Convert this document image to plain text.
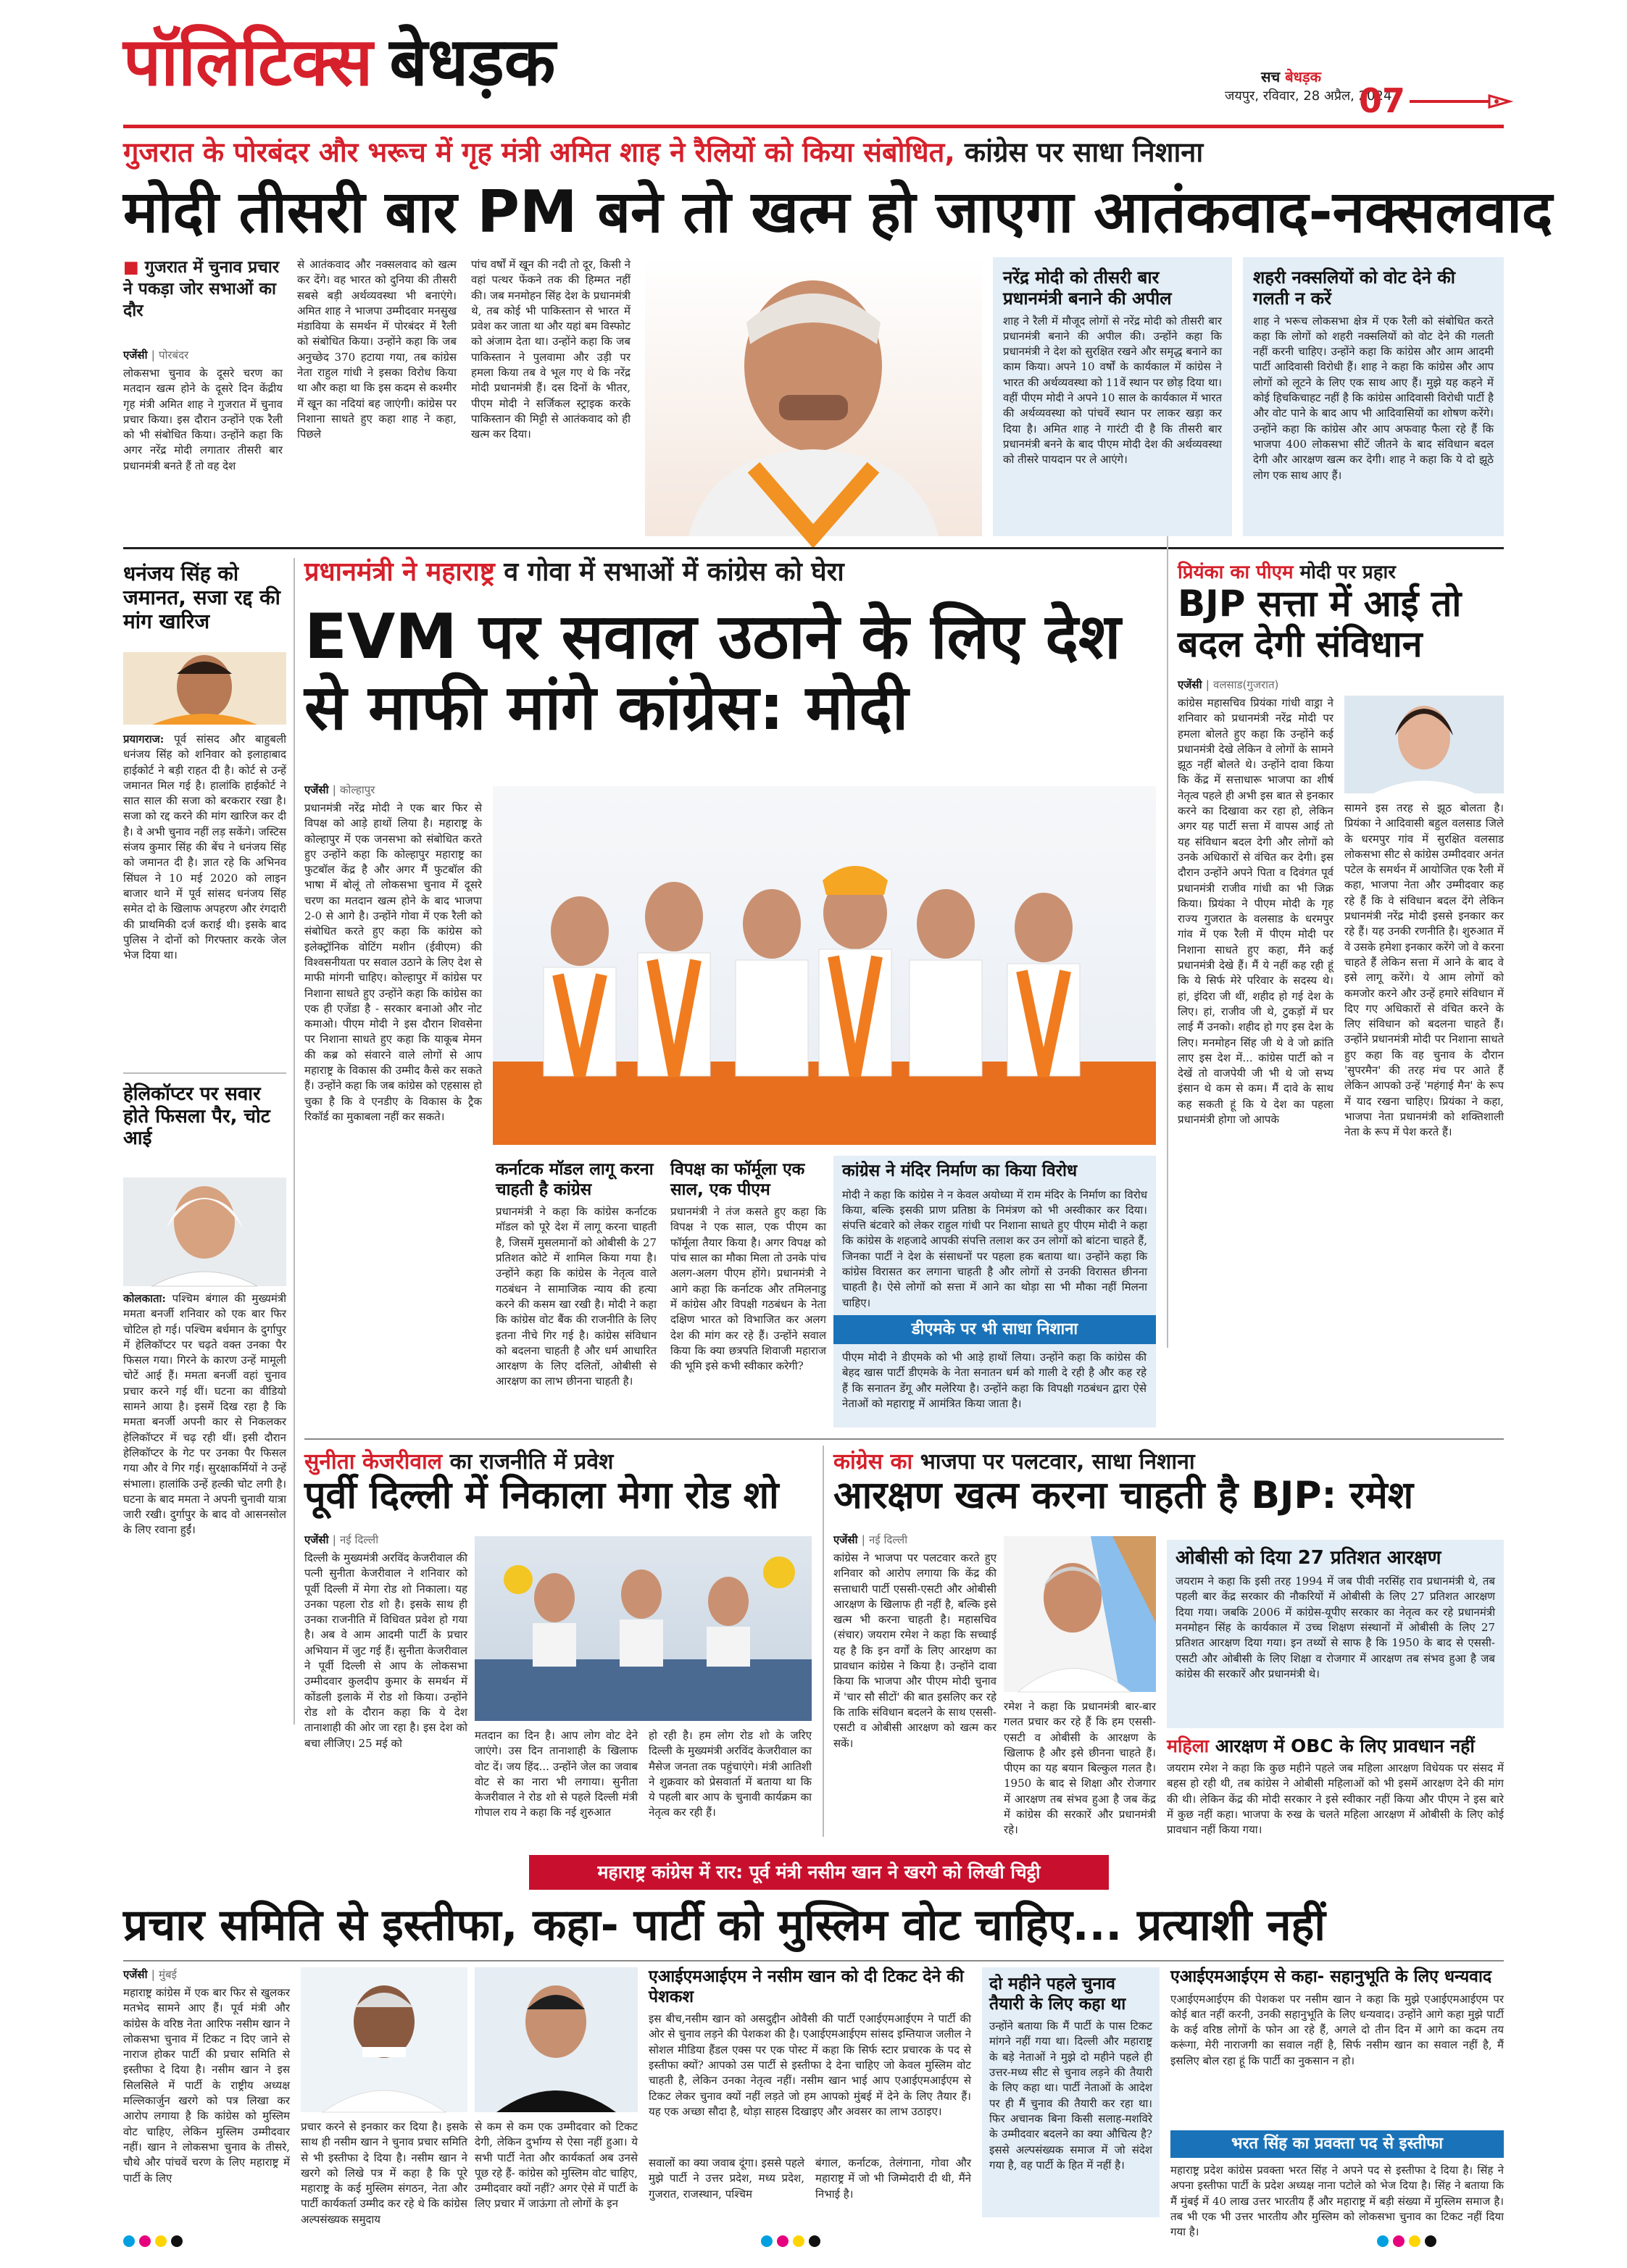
पॉलिटिक्स बेधड़क	सच बेधड़क
जयपुर, रविवार, 28 अप्रैल, 2024
07
गुजरात के पोरबंदर और भरूच में गृह मंत्री अमित शाह ने रैलियों को किया संबोधित, कांग्रेस पर साधा निशाना
मोदी तीसरी बार PM बने तो खत्म हो जाएगा आतंकवाद-नक्सलवाद
■ गुजरात में चुनाव प्रचार ने पकड़ा जोर सभाओं का दौर
एजेंसी | पोरबंदर
लोकसभा चुनाव के दूसरे चरण का मतदान खत्म होने के दूसरे दिन केंद्रीय गृह मंत्री अमित शाह ने गुजरात में चुनाव प्रचार किया। इस दौरान उन्होंने एक रैली को भी संबोधित किया। उन्होंने कहा कि अगर नरेंद्र मोदी लगातार तीसरी बार प्रधानमंत्री बनते हैं तो वह देश
से आतंकवाद और नक्सलवाद को खत्म कर देंगे। वह भारत को दुनिया की तीसरी सबसे बड़ी अर्थव्यवस्था भी बनाएंगे। अमित शाह ने भाजपा उम्मीदवार मनसुख मंडाविया के समर्थन में पोरबंदर में रैली को संबोधित किया। उन्होंने कहा कि जब अनुच्छेद 370 हटाया गया, तब कांग्रेस नेता राहुल गांधी ने इसका विरोध किया था और कहा था कि इस कदम से कश्मीर में खून का नदियां बह जाएंगी। कांग्रेस पर निशाना साधते हुए कहा शाह ने कहा, पिछले
पांच वर्षों में खून की नदी तो दूर, किसी ने वहां पत्थर फेंकने तक की हिम्मत नहीं की। जब मनमोहन सिंह देश के प्रधानमंत्री थे, तब कोई भी पाकिस्तान से भारत में प्रवेश कर जाता था और यहां बम विस्फोट को अंजाम देता था। उन्होंने कहा कि जब पाकिस्तान ने पुलवामा और उड़ी पर हमला किया तब वे भूल गए थे कि नरेंद्र मोदी प्रधानमंत्री हैं। दस दिनों के भीतर, पीएम मोदी ने सर्जिकल स्ट्राइक करके पाकिस्तान की मिट्टी से आतंकवाद को ही खत्म कर दिया।
नरेंद्र मोदी को तीसरी बार प्रधानमंत्री बनाने की अपील
शाह ने रैली में मौजूद लोगों से नरेंद्र मोदी को तीसरी बार प्रधानमंत्री बनाने की अपील की। उन्होंने कहा कि प्रधानमंत्री ने देश को सुरक्षित रखने और समृद्ध बनाने का काम किया। अपने 10 वर्षों के कार्यकाल में कांग्रेस ने भारत की अर्थव्यवस्था को 11वें स्थान पर छोड़ दिया था। वहीं पीएम मोदी ने अपने 10 साल के कार्यकाल में भारत की अर्थव्यवस्था को पांचवें स्थान पर लाकर खड़ा कर दिया है। अमित शाह ने गारंटी दी है कि तीसरी बार प्रधानमंत्री बनने के बाद पीएम मोदी देश की अर्थव्यवस्था को तीसरे पायदान पर ले आएंगे।
शहरी नक्सलियों को वोट देने की गलती न करें
शाह ने भरूच लोकसभा क्षेत्र में एक रैली को संबोधित करते कहा कि लोगों को शहरी नक्सलियों को वोट देने की गलती नहीं करनी चाहिए। उन्होंने कहा कि कांग्रेस और आम आदमी पार्टी आदिवासी विरोधी हैं। शाह ने कहा कि कांग्रेस और आप लोगों को लूटने के लिए एक साथ आए हैं। मुझे यह कहने में कोई हिचकिचाहट नहीं है कि कांग्रेस आदिवासी विरोधी पार्टी है और वोट पाने के बाद आप भी आदिवासियों का शोषण करेंगे। उन्होंने कहा कि कांग्रेस और आप अफवाह फैला रहे हैं कि भाजपा 400 लोकसभा सीटें जीतने के बाद संविधान बदल देगी और आरक्षण खत्म कर देगी। शाह ने कहा कि ये दो झूठे लोग एक साथ आए हैं।
धनंजय सिंह को जमानत, सजा रद्द की मांग खारिज
प्रयागराज: पूर्व सांसद और बाहुबली धनंजय सिंह को शनिवार को इलाहाबाद हाईकोर्ट ने बड़ी राहत दी है। कोर्ट से उन्हें जमानत मिल गई है। हालांकि हाईकोर्ट ने सात साल की सजा को बरकरार रखा है। सजा को रद्द करने की मांग खारिज कर दी है। वे अभी चुनाव नहीं लड़ सकेंगे। जस्टिस संजय कुमार सिंह की बेंच ने धनंजय सिंह को जमानत दी है। ज्ञात रहे कि अभिनव सिंघल ने 10 मई 2020 को लाइन बाजार थाने में पूर्व सांसद धनंजय सिंह समेत दो के खिलाफ अपहरण और रंगदारी की प्राथमिकी दर्ज कराई थी। इसके बाद पुलिस ने दोनों को गिरफ्तार करके जेल भेज दिया था।
हेलिकॉप्टर पर सवार होते फिसला पैर, चोट आई
कोलकाता: पश्चिम बंगाल की मुख्यमंत्री ममता बनर्जी शनिवार को एक बार फिर चोटिल हो गई। पश्चिम बर्धमान के दुर्गापुर में हेलिकॉप्टर पर चढ़ते वक्त उनका पैर फिसल गया। गिरने के कारण उन्हें मामूली चोटें आई हैं। ममता बनर्जी वहां चुनाव प्रचार करने गई थीं। घटना का वीडियो सामने आया है। इसमें दिख रहा है कि ममता बनर्जी अपनी कार से निकलकर हेलिकॉप्टर में चढ़ रही थीं। इसी दौरान हेलिकॉप्टर के गेट पर उनका पैर फिसल गया और वे गिर गई। सुरक्षाकर्मियों ने उन्हें संभाला। हालांकि उन्हें हल्की चोट लगी है। घटना के बाद ममता ने अपनी चुनावी यात्रा जारी रखी। दुर्गापुर के बाद वो आसनसोल के लिए रवाना हुईं।
प्रधानमंत्री ने महाराष्ट्र व गोवा में सभाओं में कांग्रेस को घेरा
EVM पर सवाल उठाने के लिए देश से माफी मांगे कांग्रेस: मोदी
एजेंसी | कोल्हापुर
प्रधानमंत्री नरेंद्र मोदी ने एक बार फिर से विपक्ष को आड़े हाथों लिया है। महाराष्ट्र के कोल्हापुर में एक जनसभा को संबोधित करते हुए उन्होंने कहा कि कोल्हापुर महाराष्ट्र का फुटबॉल केंद्र है और अगर मैं फुटबॉल की भाषा में बोलूं तो लोकसभा चुनाव में दूसरे चरण का मतदान खत्म होने के बाद भाजपा 2-0 से आगे है। उन्होंने गोवा में एक रैली को संबोधित करते हुए कहा कि कांग्रेस को इलेक्ट्रॉनिक वोटिंग मशीन (ईवीएम) की विश्वसनीयता पर सवाल उठाने के लिए देश से माफी मांगनी चाहिए। कोल्हापुर में कांग्रेस पर निशाना साधते हुए उन्होंने कहा कि कांग्रेस का एक ही एजेंडा है - सरकार बनाओ और नोट कमाओ। पीएम मोदी ने इस दौरान शिवसेना पर निशाना साधते हुए कहा कि याकूब मेमन की कब्र को संवारने वाले लोगों से आप महाराष्ट्र के विकास की उम्मीद कैसे कर सकते हैं। उन्होंने कहा कि जब कांग्रेस को एहसास हो चुका है कि वे एनडीए के विकास के ट्रैक रिकॉर्ड का मुकाबला नहीं कर सकते।
कर्नाटक मॉडल लागू करना चाहती है कांग्रेस
प्रधानमंत्री ने कहा कि कांग्रेस कर्नाटक मॉडल को पूरे देश में लागू करना चाहती है, जिसमें मुसलमानों को ओबीसी के 27 प्रतिशत कोटे में शामिल किया गया है। उन्होंने कहा कि कांग्रेस के नेतृत्व वाले गठबंधन ने सामाजिक न्याय की हत्या करने की कसम खा रखी है। मोदी ने कहा कि कांग्रेस वोट बैंक की राजनीति के लिए इतना नीचे गिर गई है। कांग्रेस संविधान को बदलना चाहती है और धर्म आधारित आरक्षण के लिए दलितों, ओबीसी से आरक्षण का लाभ छीनना चाहती है।
विपक्ष का फॉर्मूला एक साल, एक पीएम
प्रधानमंत्री ने तंज कसते हुए कहा कि विपक्ष ने एक साल, एक पीएम का फॉर्मूला तैयार किया है। अगर विपक्ष को पांच साल का मौका मिला तो उनके पांच अलग-अलग पीएम होंगे। प्रधानमंत्री ने आगे कहा कि कर्नाटक और तमिलनाडु में कांग्रेस और विपक्षी गठबंधन के नेता दक्षिण भारत को विभाजित कर अलग देश की मांग कर रहे हैं। उन्होंने सवाल किया कि क्या छत्रपति शिवाजी महाराज की भूमि इसे कभी स्वीकार करेगी?
कांग्रेस ने मंदिर निर्माण का किया विरोध
मोदी ने कहा कि कांग्रेस ने न केवल अयोध्या में राम मंदिर के निर्माण का विरोध किया, बल्कि इसकी प्राण प्रतिष्ठा के निमंत्रण को भी अस्वीकार कर दिया। संपत्ति बंटवारे को लेकर राहुल गांधी पर निशाना साधते हुए पीएम मोदी ने कहा कि कांग्रेस के शहजादे आपकी संपत्ति तलाश कर उन लोगों को बांटना चाहते हैं, जिनका पार्टी ने देश के संसाधनों पर पहला हक बताया था। उन्होंने कहा कि कांग्रेस विरासत कर लगाना चाहती है और लोगों से उनकी विरासत छीनना चाहती है। ऐसे लोगों को सत्ता में आने का थोड़ा सा भी मौका नहीं मिलना चाहिए।
डीएमके पर भी साधा निशाना
पीएम मोदी ने डीएमके को भी आड़े हाथों लिया। उन्होंने कहा कि कांग्रेस की बेहद खास पार्टी डीएमके के नेता सनातन धर्म को गाली दे रही है और कह रहे हैं कि सनातन डेंगू और मलेरिया है। उन्होंने कहा कि विपक्षी गठबंधन द्वारा ऐसे नेताओं को महाराष्ट्र में आमंत्रित किया जाता है।
प्रियंका का पीएम मोदी पर प्रहार
BJP सत्ता में आई तो बदल देगी संविधान
एजेंसी | वलसाड(गुजरात)
कांग्रेस महासचिव प्रियंका गांधी वाड्रा ने शनिवार को प्रधानमंत्री नरेंद्र मोदी पर हमला बोलते हुए कहा कि उन्होंने कई प्रधानमंत्री देखे लेकिन वे लोगों के सामने झूठ नहीं बोलते थे। उन्होंने दावा किया कि केंद्र में सत्ताधारू भाजपा का शीर्ष नेतृत्व पहले ही अभी इस बात से इनकार करने का दिखावा कर रहा हो, लेकिन अगर यह पार्टी सत्ता में वापस आई तो यह संविधान बदल देगी और लोगों को उनके अधिकारों से वंचित कर देगी। इस दौरान उन्होंने अपने पिता व दिवंगत पूर्व प्रधानमंत्री राजीव गांधी का भी जिक्र किया। प्रियंका ने पीएम मोदी के गृह राज्य गुजरात के वलसाड के धरमपुर गांव में एक रैली में पीएम मोदी पर निशाना साधते हुए कहा, मैंने कई प्रधानमंत्री देखे हैं। मैं ये नहीं कह रही हूं कि ये सिर्फ मेरे परिवार के सदस्य थे। हां, इंदिरा जी थीं, शहीद हो गई देश के लिए। हां, राजीव जी थे, टुकड़ों में घर लाई मैं उनको। शहीद हो गए इस देश के लिए। मनमोहन सिंह जी थे वे जो क्रांति लाए इस देश में... कांग्रेस पार्टी को न देखें तो वाजपेयी जी भी थे जो सभ्य इंसान थे कम से कम। मैं दावे के साथ कह सकती हूं कि ये देश का पहला प्रधानमंत्री होगा जो आपके
सामने इस तरह से झूठ बोलता है। प्रियंका ने आदिवासी बहुल वलसाड जिले के धरमपुर गांव में सुरक्षित वलसाड लोकसभा सीट से कांग्रेस उम्मीदवार अनंत पटेल के समर्थन में आयोजित एक रैली में कहा, भाजपा नेता और उम्मीदवार कह रहे हैं कि वे संविधान बदल देंगे लेकिन प्रधानमंत्री नरेंद्र मोदी इससे इनकार कर रहे हैं। यह उनकी रणनीति है। शुरुआत में वे उसके हमेशा इनकार करेंगे जो वे करना चाहते हैं लेकिन सत्ता में आने के बाद वे इसे लागू करेंगे। ये आम लोगों को कमजोर करने और उन्हें हमारे संविधान में दिए गए अधिकारों से वंचित करने के लिए संविधान को बदलना चाहते हैं। उन्होंने प्रधानमंत्री मोदी पर निशाना साधते हुए कहा कि वह चुनाव के दौरान 'सुपरमैन' की तरह मंच पर आते हैं लेकिन आपको उन्हें 'महंगाई मैन' के रूप में याद रखना चाहिए। प्रियंका ने कहा, भाजपा नेता प्रधानमंत्री को शक्तिशाली नेता के रूप में पेश करते हैं।
सुनीता केजरीवाल का राजनीति में प्रवेश
पूर्वी दिल्ली में निकाला मेगा रोड शो
एजेंसी | नई दिल्ली
दिल्ली के मुख्यमंत्री अरविंद केजरीवाल की पत्नी सुनीता केजरीवाल ने शनिवार को पूर्वी दिल्ली में मेगा रोड शो निकाला। यह उनका पहला रोड शो है। इसके साथ ही उनका राजनीति में विधिवत प्रवेश हो गया है। अब वे आम आदमी पार्टी के प्रचार अभियान में जुट गई हैं। सुनीता केजरीवाल ने पूर्वी दिल्ली से आप के लोकसभा उम्मीदवार कुलदीप कुमार के समर्थन में कोंडली इलाके में रोड शो किया। उन्होंने रोड शो के दौरान कहा कि ये देश तानाशाही की ओर जा रहा है। इस देश को बचा लीजिए। 25 मई को
मतदान का दिन है। आप लोग वोट देने जाएंगे। उस दिन तानाशाही के खिलाफ वोट दें। जय हिंद... उन्होंने जेल का जवाब वोट से का नारा भी लगाया। सुनीता केजरीवाल ने रोड शो से पहले दिल्ली मंत्री गोपाल राय ने कहा कि नई शुरुआत
हो रही है। हम लोग रोड शो के जरिए दिल्ली के मुख्यमंत्री अरविंद केजरीवाल का मैसेज जनता तक पहुंचाएंगे। मंत्री आतिशी ने शुक्रवार को प्रेसवार्ता में बताया था कि ये पहली बार आप के चुनावी कार्यक्रम का नेतृत्व कर रही हैं।
कांग्रेस का भाजपा पर पलटवार, साधा निशाना
आरक्षण खत्म करना चाहती है BJP: रमेश
एजेंसी | नई दिल्ली
कांग्रेस ने भाजपा पर पलटवार करते हुए शनिवार को आरोप लगाया कि केंद्र की सत्ताधारी पार्टी एससी-एसटी और ओबीसी आरक्षण के खिलाफ ही नहीं है, बल्कि इसे खत्म भी करना चाहती है। महासचिव (संचार) जयराम रमेश ने कहा कि सच्चाई यह है कि इन वर्गों के लिए आरक्षण का प्रावधान कांग्रेस ने किया है। उन्होंने दावा किया कि भाजपा और पीएम मोदी चुनाव में 'चार सौ सीटों' की बात इसलिए कर रहे कि ताकि संविधान बदलने के साथ एससी-एसटी व ओबीसी आरक्षण को खत्म कर सकें।
रमेश ने कहा कि प्रधानमंत्री बार-बार गलत प्रचार कर रहे हैं कि हम एससी-एसटी व ओबीसी के आरक्षण के खिलाफ है और इसे छीनना चाहते हैं। पीएम का यह बयान बिल्कुल गलत है। 1950 के बाद से शिक्षा और रोजगार में आरक्षण तब संभव हुआ है जब केंद्र में कांग्रेस की सरकारें और प्रधानमंत्री रहे।
ओबीसी को दिया 27 प्रतिशत आरक्षण
जयराम ने कहा कि इसी तरह 1994 में जब पीवी नरसिंह राव प्रधानमंत्री थे, तब पहली बार केंद्र सरकार की नौकरियों में ओबीसी के लिए 27 प्रतिशत आरक्षण दिया गया। जबकि 2006 में कांग्रेस-यूपीए सरकार का नेतृत्व कर रहे प्रधानमंत्री मनमोहन सिंह के कार्यकाल में उच्च शिक्षण संस्थानों में ओबीसी के लिए 27 प्रतिशत आरक्षण दिया गया। इन तथ्यों से साफ है कि 1950 के बाद से एससी-एसटी और ओबीसी के लिए शिक्षा व रोजगार में आरक्षण तब संभव हुआ है जब कांग्रेस की सरकारें और प्रधानमंत्री थे।
महिला आरक्षण में OBC के लिए प्रावधान नहीं
जयराम रमेश ने कहा कि कुछ महीने पहले जब महिला आरक्षण विधेयक पर संसद में बहस हो रही थी, तब कांग्रेस ने ओबीसी महिलाओं को भी इसमें आरक्षण देने की मांग की थी। लेकिन केंद्र की मोदी सरकार ने इसे स्वीकार नहीं किया और पीएम ने इस बारे में कुछ नहीं कहा। भाजपा के रुख के चलते महिला आरक्षण में ओबीसी के लिए कोई प्रावधान नहीं किया गया।
महाराष्ट्र कांग्रेस में रार: पूर्व मंत्री नसीम खान ने खरगे को लिखी चिट्ठी
प्रचार समिति से इस्तीफा, कहा- पार्टी को मुस्लिम वोट चाहिए... प्रत्याशी नहीं
एजेंसी | मुंबई
महाराष्ट्र कांग्रेस में एक बार फिर से खुलकर मतभेद सामने आए हैं। पूर्व मंत्री और कांग्रेस के वरिष्ठ नेता आरिफ नसीम खान ने लोकसभा चुनाव में टिकट न दिए जाने से नाराज होकर पार्टी की प्रचार समिति से इस्तीफा दे दिया है। नसीम खान ने इस सिलसिले में पार्टी के राष्ट्रीय अध्यक्ष मल्लिकार्जुन खरगे को पत्र लिखा कर आरोप लगाया है कि कांग्रेस को मुस्लिम वोट चाहिए, लेकिन मुस्लिम उम्मीदवार नहीं। खान ने लोकसभा चुनाव के तीसरे, चौथे और पांचवें चरण के लिए महाराष्ट्र में पार्टी के लिए
प्रचार करने से इनकार कर दिया है। इसके साथ ही नसीम खान ने चुनाव प्रचार समिति से भी इस्तीफा दे दिया है। नसीम खान ने खरगे को लिखे पत्र में कहा है कि पूरे महाराष्ट्र के कई मुस्लिम संगठन, नेता और पार्टी कार्यकर्ता उम्मीद कर रहे थे कि कांग्रेस अल्पसंख्यक समुदाय
से कम से कम एक उम्मीदवार को टिकट देगी, लेकिन दुर्भाग्य से ऐसा नहीं हुआ। ये सभी पार्टी नेता और कार्यकर्ता अब उनसे पूछ रहे हैं- कांग्रेस को मुस्लिम वोट चाहिए, उम्मीदवार क्यों नहीं? अगर ऐसे में पार्टी के लिए प्रचार में जाऊंगा तो लोगों के इन
एआईएमआईएम ने नसीम खान को दी टिकट देने की पेशकश
इस बीच,नसीम खान को असदुद्दीन ओवैसी की पार्टी एआईएमआईएम ने पार्टी की ओर से चुनाव लड़ने की पेशकश की है। एआईएमआईएम सांसद इम्तियाज जलील ने सोशल मीडिया हैंडल एक्स पर एक पोस्ट में कहा कि सिर्फ स्टार प्रचारक के पद से इस्तीफा क्यों? आपको उस पार्टी से इस्तीफा दे देना चाहिए जो केवल मुस्लिम वोट चाहती है, लेकिन उनका नेतृत्व नहीं। नसीम खान भाई आप एआईएमआईएम से टिकट लेकर चुनाव क्यों नहीं लड़ते जो हम आपको मुंबई में देने के लिए तैयार हैं। यह एक अच्छा सौदा है, थोड़ा साहस दिखाइए और अवसर का लाभ उठाइए।
सवालों का क्या जवाब दूंगा। इससे पहले मुझे पार्टी ने उत्तर प्रदेश, मध्य प्रदेश, गुजरात, राजस्थान, पश्चिम
बंगाल, कर्नाटक, तेलंगाना, गोवा और महाराष्ट्र में जो भी जिम्मेदारी दी थी, मैंने निभाई है।
दो महीने पहले चुनाव तैयारी के लिए कहा था
उन्होंने बताया कि मैं पार्टी के पास टिकट मांगने नहीं गया था। दिल्ली और महाराष्ट्र के बड़े नेताओं ने मुझे दो महीने पहले ही उत्तर-मध्य सीट से चुनाव लड़ने की तैयारी के लिए कहा था। पार्टी नेताओं के आदेश पर ही मैं चुनाव की तैयारी कर रहा था। फिर अचानक बिना किसी सलाह-मशविरे के उम्मीदवार बदलने का क्या औचित्य है? इससे अल्पसंख्यक समाज में जो संदेश गया है, वह पार्टी के हित में नहीं है।
एआईएमआईएम से कहा- सहानुभूति के लिए धन्यवाद
एआईएमआईएम की पेशकश पर नसीम खान ने कहा कि मुझे एआईएमआईएम पर कोई बात नहीं करनी, उनकी सहानुभूति के लिए धन्यवाद। उन्होंने आगे कहा मुझे पार्टी के कई वरिष्ठ लोगों के फोन आ रहे हैं, अगले दो तीन दिन में आगे का कदम तय करूंगा, मेरी नाराजगी का सवाल नहीं है, सिर्फ नसीम खान का सवाल नहीं है, मैं इसलिए बोल रहा हूं कि पार्टी का नुकसान न हो।
भरत सिंह का प्रवक्ता पद से इस्तीफा
महाराष्ट्र प्रदेश कांग्रेस प्रवक्ता भरत सिंह ने अपने पद से इस्तीफा दे दिया है। सिंह ने अपना इस्तीफा पार्टी के प्रदेश अध्यक्ष नाना पटोले को भेज दिया है। सिंह ने बताया कि मैं मुंबई में 40 लाख उत्तर भारतीय हैं और महाराष्ट्र में बड़ी संख्या में मुस्लिम समाज है। तब भी एक भी उत्तर भारतीय और मुस्लिम को लोकसभा चुनाव का टिकट नहीं दिया गया है।
